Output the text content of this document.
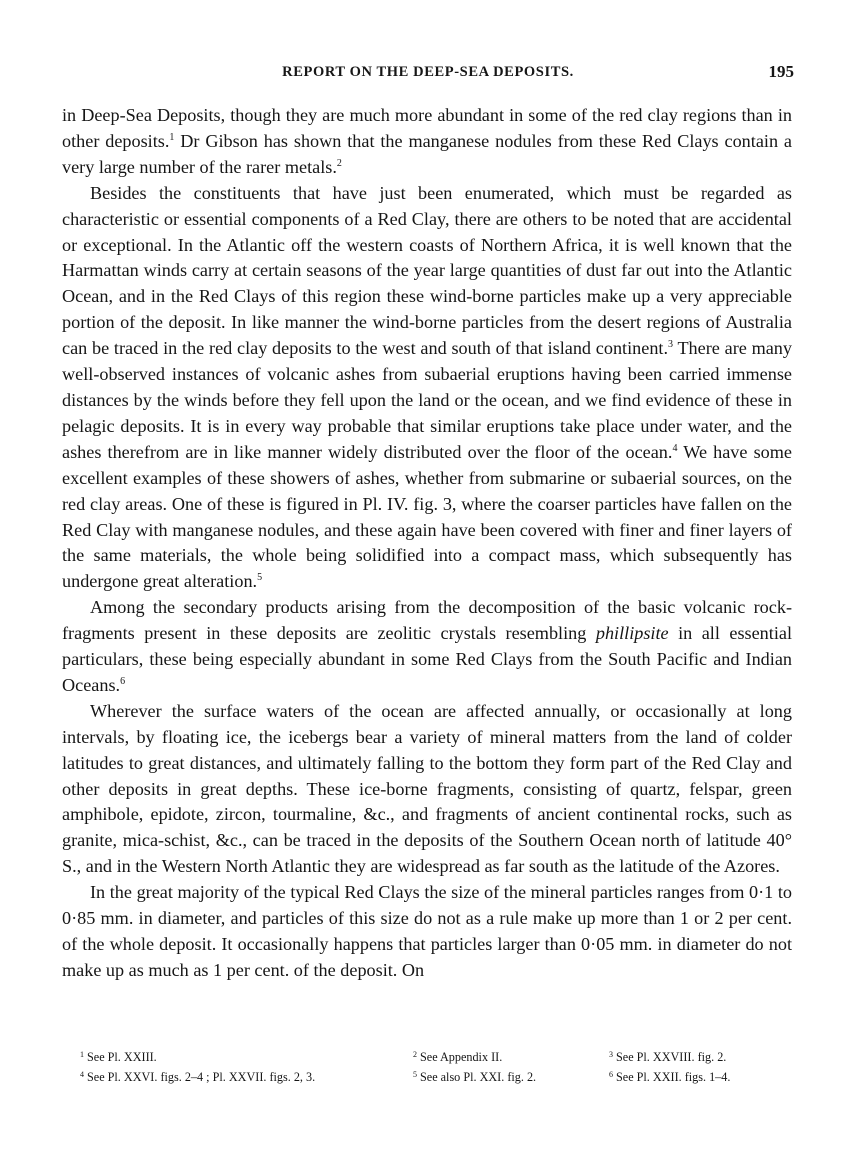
REPORT ON THE DEEP-SEA DEPOSITS.	195

in Deep-Sea Deposits, though they are much more abundant in some of the red clay regions than in other deposits.$^1$ Dr Gibson has shown that the manganese nodules from these Red Clays contain a very large number of the rarer metals.$^2$

Besides the constituents that have just been enumerated, which must be regarded as characteristic or essential components of a Red Clay, there are others to be noted that are accidental or exceptional. In the Atlantic off the western coasts of Northern Africa, it is well known that the Harmattan winds carry at certain seasons of the year large quantities of dust far out into the Atlantic Ocean, and in the Red Clays of this region these wind-borne particles make up a very appreciable portion of the deposit. In like manner the wind-borne particles from the desert regions of Australia can be traced in the red clay deposits to the west and south of that island continent.$^3$ There are many well-observed instances of volcanic ashes from subaerial eruptions having been carried immense distances by the winds before they fell upon the land or the ocean, and we find evidence of these in pelagic deposits. It is in every way probable that similar eruptions take place under water, and the ashes therefrom are in like manner widely distributed over the floor of the ocean.$^4$ We have some excellent examples of these showers of ashes, whether from submarine or subaerial sources, on the red clay areas. One of these is figured in Pl. IV. fig. 3, where the coarser particles have fallen on the Red Clay with manganese nodules, and these again have been covered with finer and finer layers of the same materials, the whole being solidified into a compact mass, which subsequently has undergone great alteration.$^5$

Among the secondary products arising from the decomposition of the basic volcanic rock-fragments present in these deposits are zeolitic crystals resembling phillipsite in all essential particulars, these being especially abundant in some Red Clays from the South Pacific and Indian Oceans.$^6$

Wherever the surface waters of the ocean are affected annually, or occasionally at long intervals, by floating ice, the icebergs bear a variety of mineral matters from the land of colder latitudes to great distances, and ultimately falling to the bottom they form part of the Red Clay and other deposits in great depths. These ice-borne fragments, consisting of quartz, felspar, green amphibole, epidote, zircon, tourmaline, &c., and fragments of ancient continental rocks, such as granite, mica-schist, &c., can be traced in the deposits of the Southern Ocean north of latitude 40° S., and in the Western North Atlantic they are widespread as far south as the latitude of the Azores.

In the great majority of the typical Red Clays the size of the mineral particles ranges from 0·1 to 0·85 mm. in diameter, and particles of this size do not as a rule make up more than 1 or 2 per cent. of the whole deposit. It occasionally happens that particles larger than 0·05 mm. in diameter do not make up as much as 1 per cent. of the deposit. On

$^1$ See Pl. XXIII.	$^2$ See Appendix II.	$^3$ See Pl. XXVIII. fig. 2.
$^4$ See Pl. XXVI. figs. 2–4 ; Pl. XXVII. figs. 2, 3.	$^5$ See also Pl. XXI. fig. 2.	$^6$ See Pl. XXII. figs. 1–4.
